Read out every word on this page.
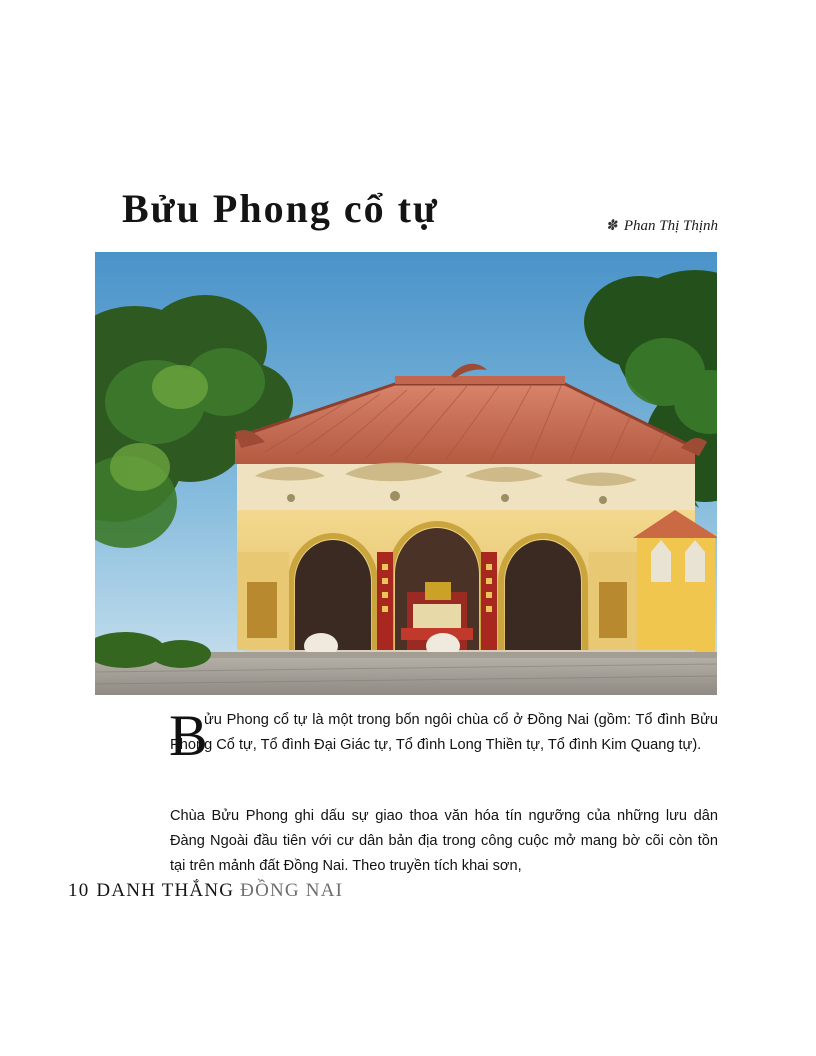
Bửu Phong cổ tự	✽ Phan Thị Thịnh

B
ửu Phong cổ tự là một trong bốn ngôi chùa cổ ở Đồng Nai (gồm: Tổ đình Bửu Phong Cổ tự, Tổ đình Đại Giác tự, Tổ đình Long Thiền tự, Tổ đình Kim Quang tự).

Chùa Bửu Phong ghi dấu sự giao thoa văn hóa tín ngưỡng của những lưu dân Đàng Ngoài đầu tiên với cư dân bản địa trong công cuộc mở mang bờ cõi còn tồn tại trên mảnh đất Đồng Nai. Theo truyền tích khai sơn,

10 DANH THẮNG ĐỒNG NAI
